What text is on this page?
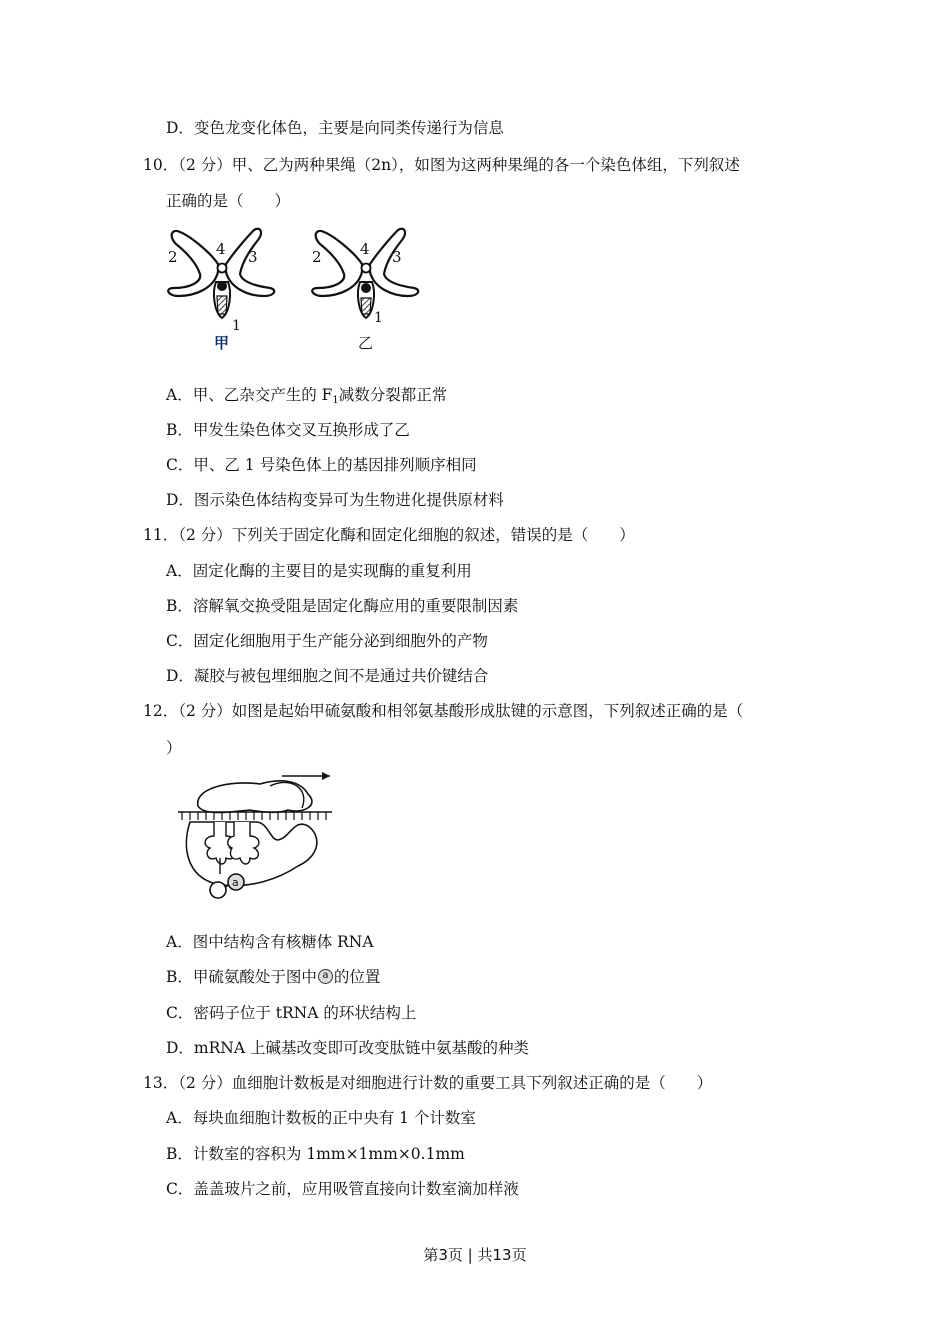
D．变色龙变化体色，主要是向同类传递行为信息
10．（2 分）甲、乙为两种果绳（2n），如图为这两种果绳的各一个染色体组，下列叙述
正确的是（　　）
2	4 3
1
甲
2	4 3
1
乙
A．甲、乙杂交产生的 $F_1$减数分裂都正常
B．甲发生染色体交叉互换形成了乙
C．甲、乙 1 号染色体上的基因排列顺序相同
D．图示染色体结构变异可为生物进化提供原材料
11．（2 分）下列关于固定化酶和固定化细胞的叙述，错误的是（　　）
A．固定化酶的主要目的是实现酶的重复利用
B．溶解氧交换受阻是固定化酶应用的重要限制因素
C．固定化细胞用于生产能分泌到细胞外的产物
D．凝胶与被包埋细胞之间不是通过共价键结合
12．（2 分）如图是起始甲硫氨酸和相邻氨基酸形成肽键的示意图，下列叙述正确的是（
）
a
A．图中结构含有核糖体 RNA
B．甲硫氨酸处于图中 a 的位置
C．密码子位于 tRNA 的环状结构上
D．mRNA 上碱基改变即可改变肽链中氨基酸的种类
13．（2 分）血细胞计数板是对细胞进行计数的重要工具下列叙述正确的是（　　）
A．每块血细胞计数板的正中央有 1 个计数室
B．计数室的容积为 1mm×1mm×0.1mm
C．盖盖玻片之前，应用吸管直接向计数室滴加样液
第3页 | 共13页
